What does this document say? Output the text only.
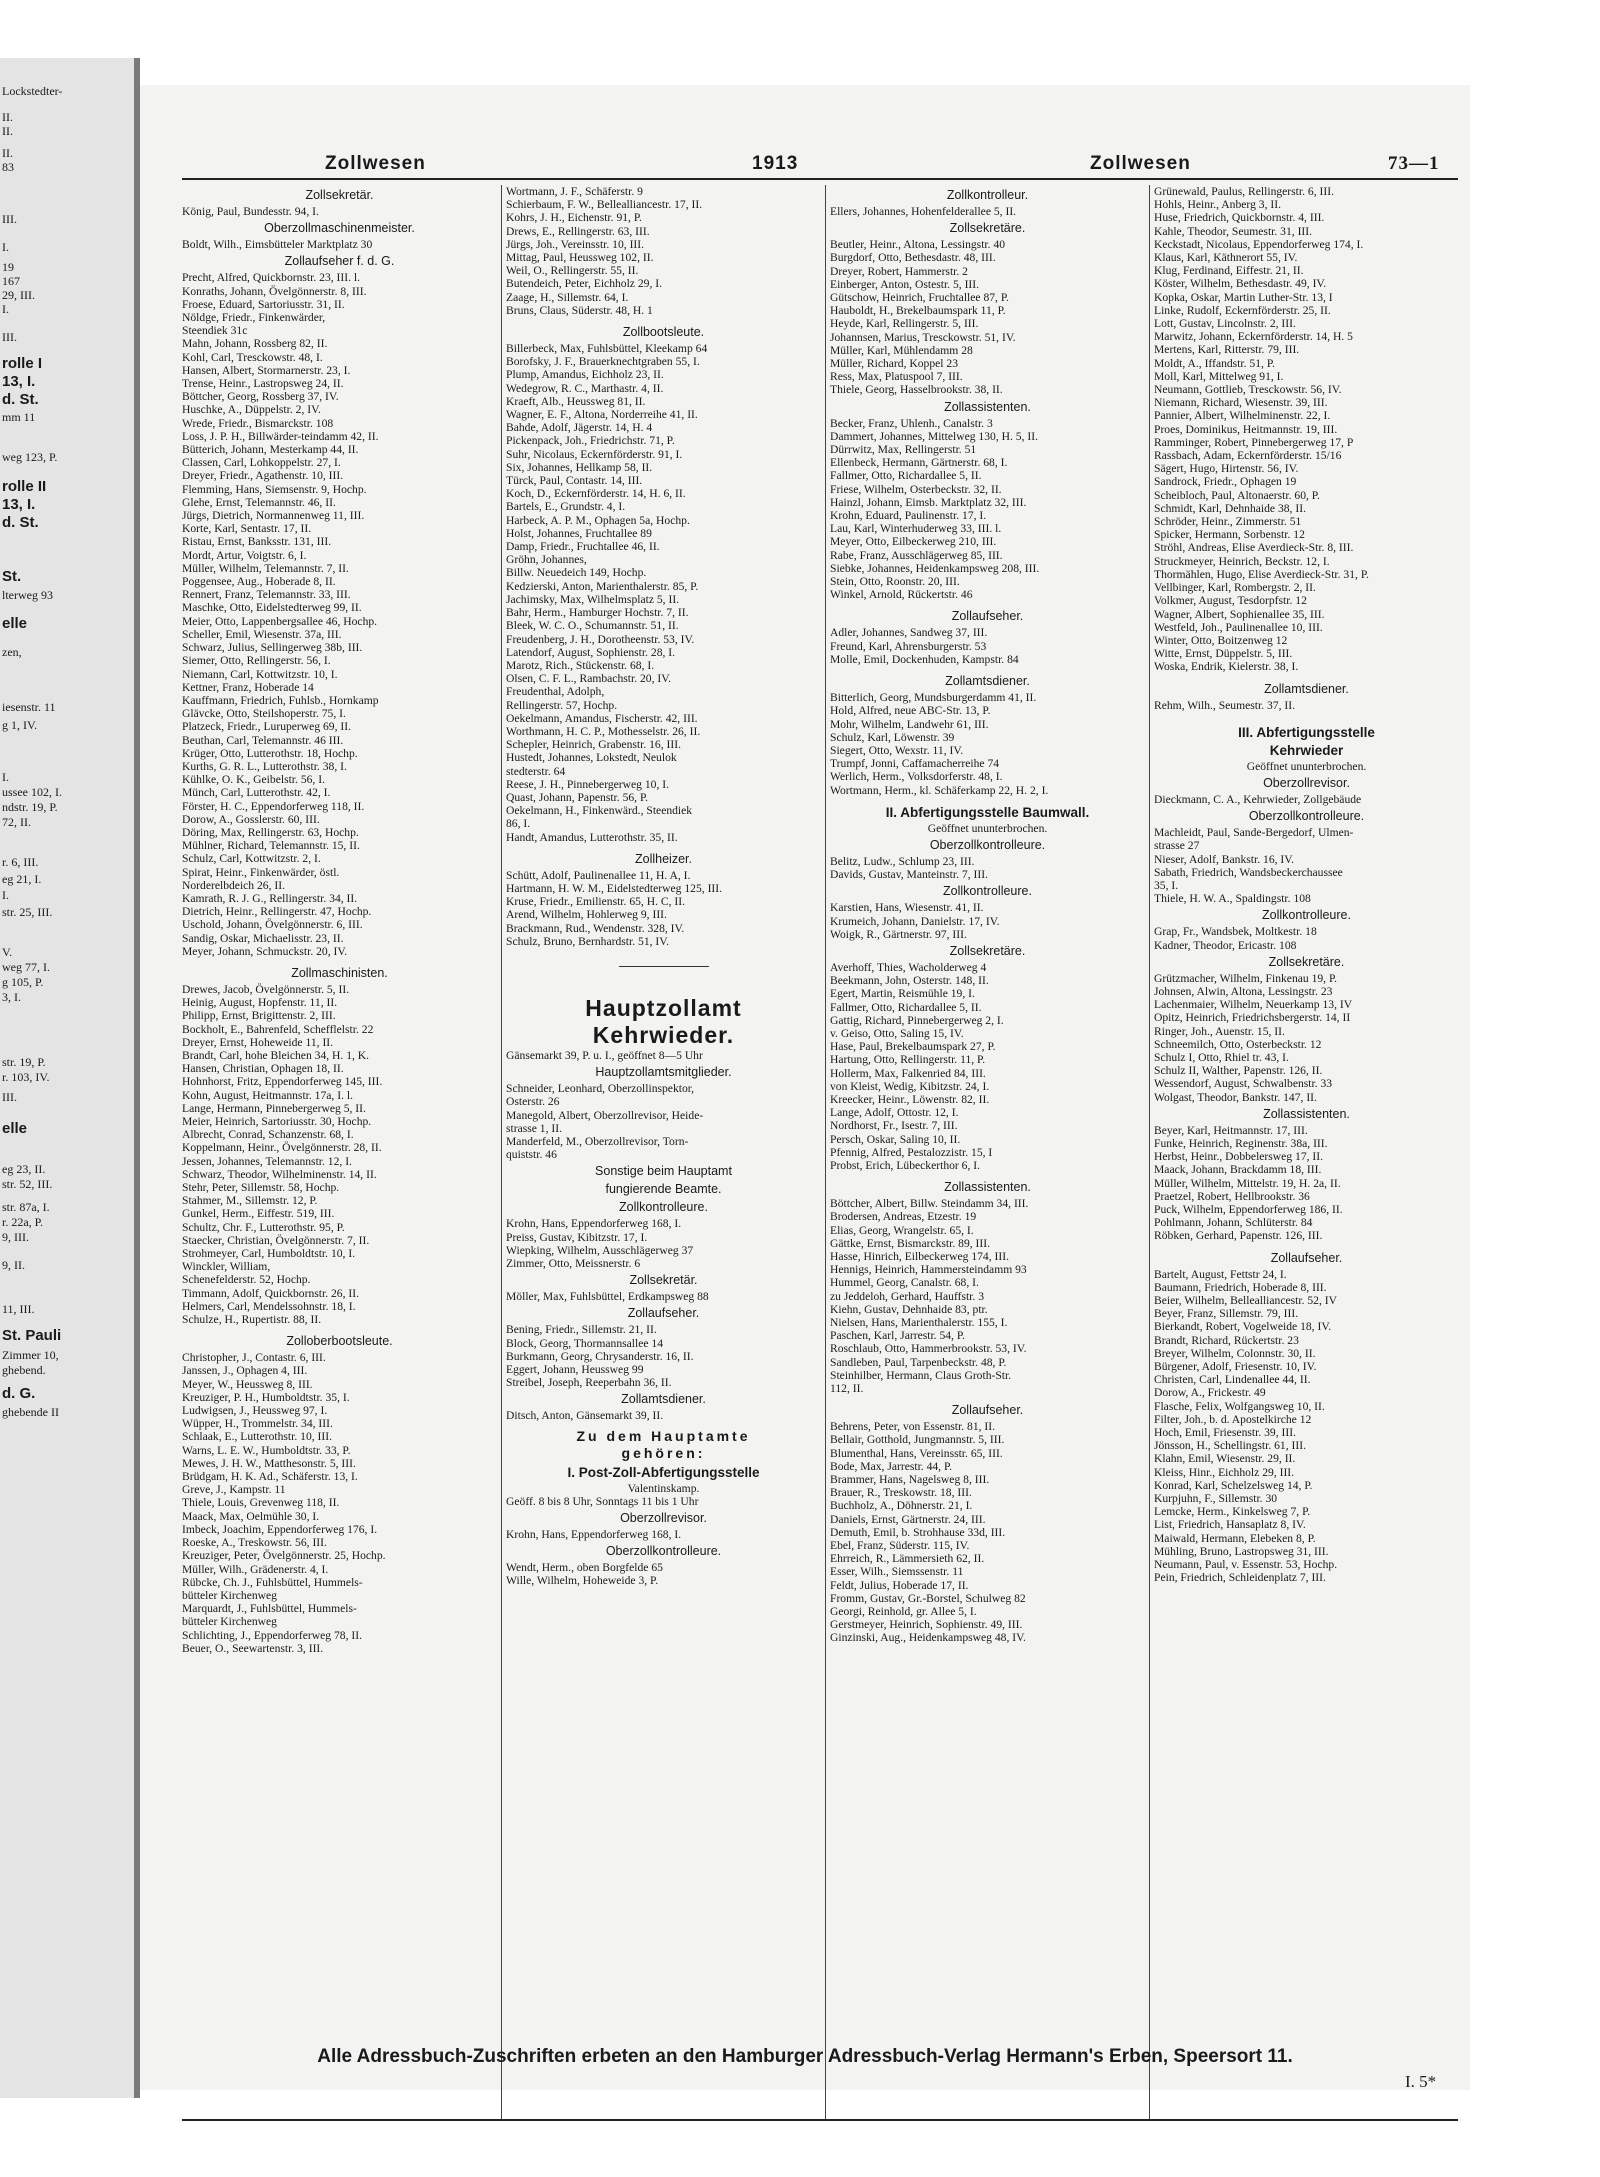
Lockstedter-
II.
II.
II.
83
III.
I.
19
167
29, III.
I.
III.
rolle I
13, I.
d. St.
mm 11
weg 123, P.
rolle II
13, I.
d. St.
St.
lterweg 93
elle
zen,
iesenstr. 11
g 1, IV.
I.
ussee 102, I.
ndstr. 19, P.
72, II.
r. 6, III.
eg 21, I.
I.
str. 25, III.
V.
weg 77, I.
g 105, P.
3, I.
str. 19, P.
r. 103, IV.
III.
elle
eg 23, II.
str. 52, III.
str. 87a, I.
r. 22a, P.
9, III.
9, II.
11, III.
St. Pauli
Zimmer 10,
ghebend.
d. G.
ghebende II
Zollwesen	1913	Zollwesen	73—1
Zollsekretär.
König, Paul, Bundesstr. 94, I.
Oberzollmaschinenmeister.
Boldt, Wilh., Eimsbütteler Marktplatz 30
Zollaufseher f. d. G.
Precht, Alfred, Quickbornstr. 23, III. l.
Konraths, Johann, Övelgönnerstr. 8, III.
Froese, Eduard, Sartoriusstr. 31, II.
Nöldge, Friedr., Finkenwärder,
Steendiek 31c
Mahn, Johann, Rossberg 82, II.
Kohl, Carl, Tresckowstr. 48, I.
Hansen, Albert, Stormarnerstr. 23, I.
Trense, Heinr., Lastropsweg 24, II.
Böttcher, Georg, Rossberg 37, IV.
Huschke, A., Düppelstr. 2, IV.
Wrede, Friedr., Bismarckstr. 108
Loss, J. P. H., Billwärder-teindamm 42, II.
Bütterich, Johann, Mesterkamp 44, II.
Classen, Carl, Lohkoppelstr. 27, I.
Dreyer, Friedr., Agathenstr. 10, III.
Flemming, Hans, Siemsenstr. 9, Hochp.
Glehe, Ernst, Telemannstr. 46, II.
Jürgs, Dietrich, Normannenweg 11, III.
Korte, Karl, Sentastr. 17, II.
Ristau, Ernst, Banksstr. 131, III.
Mordt, Artur, Voigtstr. 6, I.
Müller, Wilhelm, Telemannstr. 7, II.
Poggensee, Aug., Hoberade 8, II.
Rennert, Franz, Telemannstr. 33, III.
Maschke, Otto, Eidelstedterweg 99, II.
Meier, Otto, Lappenbergsallee 46, Hochp.
Scheller, Emil, Wiesenstr. 37a, III.
Schwarz, Julius, Sellingerweg 38b, III.
Siemer, Otto, Rellingerstr. 56, I.
Niemann, Carl, Kottwitzstr. 10, I.
Kettner, Franz, Hoberade 14
Kauffmann, Friedrich, Fuhlsb., Hornkamp
Glävcke, Otto, Steilshoperstr. 75, I.
Platzeck, Friedr., Luruperweg 69, II.
Beuthan, Carl, Telemannstr. 46 III.
Krüger, Otto, Lutterothstr. 18, Hochp.
Kurths, G. R. L., Lutterothstr. 38, I.
Kühlke, O. K., Geibelstr. 56, I.
Münch, Carl, Lutterothstr. 42, I.
Förster, H. C., Eppendorferweg 118, II.
Dorow, A., Gosslerstr. 60, III.
Döring, Max, Rellingerstr. 63, Hochp.
Mühlner, Richard, Telemannstr. 15, II.
Schulz, Carl, Kottwitzstr. 2, I.
Spirat, Heinr., Finkenwärder, östl.
Norderelbdeich 26, II.
Kamrath, R. J. G., Rellingerstr. 34, II.
Dietrich, Heinr., Rellingerstr. 47, Hochp.
Uschold, Johann, Övelgönnerstr. 6, III.
Sandig, Oskar, Michaelisstr. 23, II.
Meyer, Johann, Schmuckstr. 20, IV.
Zollmaschinisten.
Drewes, Jacob, Övelgönnerstr. 5, II.
Heinig, August, Hopfenstr. 11, II.
Philipp, Ernst, Brigittenstr. 2, III.
Bockholt, E., Bahrenfeld, Schefflelstr. 22
Dreyer, Ernst, Hoheweide 11, II.
Brandt, Carl, hohe Bleichen 34, H. 1, K.
Hansen, Christian, Ophagen 18, II.
Hohnhorst, Fritz, Eppendorferweg 145, III.
Kohn, August, Heitmannstr. 17a, I. l.
Lange, Hermann, Pinnebergerweg 5, II.
Meier, Heinrich, Sartoriusstr. 30, Hochp.
Albrecht, Conrad, Schanzenstr. 68, I.
Koppelmann, Heinr., Övelgönnerstr. 28, II.
Jessen, Johannes, Telemannstr. 12, I.
Schwarz, Theodor, Wilhelminenstr. 14, II.
Stehr, Peter, Sillemstr. 58, Hochp.
Stahmer, M., Sillemstr. 12, P.
Gunkel, Herm., Eiffestr. 519, III.
Schultz, Chr. F., Lutterothstr. 95, P.
Staecker, Christian, Övelgönnerstr. 7, II.
Strohmeyer, Carl, Humboldtstr. 10, I.
Winckler, William,
Schenefelderstr. 52, Hochp.
Timmann, Adolf, Quickbornstr. 26, II.
Helmers, Carl, Mendelssohnstr. 18, I.
Schulze, H., Rupertistr. 88, II.
Zolloberbootsleute.
Christopher, J., Contastr. 6, III.
Janssen, J., Ophagen 4, III.
Meyer, W., Heussweg 8, III.
Kreuziger, P. H., Humboldtstr. 35, I.
Ludwigsen, J., Heussweg 97, I.
Wüpper, H., Trommelstr. 34, III.
Schlaak, E., Lutterothstr. 10, III.
Warns, L. E. W., Humboldtstr. 33, P.
Mewes, J. H. W., Matthesonstr. 5, III.
Brüdgam, H. K. Ad., Schäferstr. 13, I.
Greve, J., Kampstr. 11
Thiele, Louis, Grevenweg 118, II.
Maack, Max, Oelmühle 30, I.
Imbeck, Joachim, Eppendorferweg 176, I.
Roeske, A., Treskowstr. 56, III.
Kreuziger, Peter, Övelgönnerstr. 25, Hochp.
Müller, Wilh., Grädenerstr. 4, I.
Rübcke, Ch. J., Fuhlsbüttel, Hummels-
bütteler Kirchenweg
Marquardt, J., Fuhlsbüttel, Hummels-
bütteler Kirchenweg
Schlichting, J., Eppendorferweg 78, II.
Beuer, O., Seewartenstr. 3, III.
Wortmann, J. F., Schäferstr. 9
Schierbaum, F. W., Bellealliancestr. 17, II.
Kohrs, J. H., Eichenstr. 91, P.
Drews, E., Rellingerstr. 63, III.
Jürgs, Joh., Vereinsstr. 10, III.
Mittag, Paul, Heussweg 102, II.
Weil, O., Rellingerstr. 55, II.
Butendeich, Peter, Eichholz 29, I.
Zaage, H., Sillemstr. 64, I.
Bruns, Claus, Süderstr. 48, H. 1
Zollbootsleute.
Billerbeck, Max, Fuhlsbüttel, Kleekamp 64
Borofsky, J. F., Brauerknechtgraben 55, I.
Plump, Amandus, Eichholz 23, II.
Wedegrow, R. C., Marthastr. 4, II.
Kraeft, Alb., Heussweg 81, II.
Wagner, E. F., Altona, Norderreihe 41, II.
Bahde, Adolf, Jägerstr. 14, H. 4
Pickenpack, Joh., Friedrichstr. 71, P.
Suhr, Nicolaus, Eckernförderstr. 91, I.
Six, Johannes, Hellkamp 58, II.
Türck, Paul, Contastr. 14, III.
Koch, D., Eckernförderstr. 14, H. 6, II.
Bartels, E., Grundstr. 4, I.
Harbeck, A. P. M., Ophagen 5a, Hochp.
Holst, Johannes, Fruchtallee 89
Damp, Friedr., Fruchtallee 46, II.
Gröhn, Johannes,
Billw. Neuedeich 149, Hochp.
Kedzierski, Anton, Marienthalerstr. 85, P.
Jachimsky, Max, Wilhelmsplatz 5, II.
Bahr, Herm., Hamburger Hochstr. 7, II.
Bleek, W. C. O., Schumannstr. 51, II.
Freudenberg, J. H., Dorotheenstr. 53, IV.
Latendorf, August, Sophienstr. 28, I.
Marotz, Rich., Stückenstr. 68, I.
Olsen, C. F. L., Rambachstr. 20, IV.
Freudenthal, Adolph,
Rellingerstr. 57, Hochp.
Oekelmann, Amandus, Fischerstr. 42, III.
Worthmann, H. C. P., Mothesselstr. 26, II.
Schepler, Heinrich, Grabenstr. 16, III.
Hustedt, Johannes, Lokstedt, Neulok
stedterstr. 64
Reese, J. H., Pinnebergerweg 10, I.
Quast, Johann, Papenstr. 56, P.
Oekelmann, H., Finkenwärd., Steendiek
86, I.
Handt, Amandus, Lutterothstr. 35, II.
Zollheizer.
Schütt, Adolf, Paulinenallee 11, H. A, I.
Hartmann, H. W. M., Eidelstedterweg 125, III.
Kruse, Friedr., Emilienstr. 65, H. C, II.
Arend, Wilhelm, Hohlerweg 9, III.
Brackmann, Rud., Wendenstr. 328, IV.
Schulz, Bruno, Bernhardstr. 51, IV.
Hauptzollamt
Kehrwieder.
Gänsemarkt 39, P. u. I., geöffnet 8—5 Uhr
Hauptzollamtsmitglieder.
Schneider, Leonhard, Oberzollinspektor,
Osterstr. 26
Manegold, Albert, Oberzollrevisor, Heide-
strasse 1, II.
Manderfeld, M., Oberzollrevisor, Torn-
quiststr. 46
Sonstige beim Hauptamt
fungierende Beamte.
Zollkontrolleure.
Krohn, Hans, Eppendorferweg 168, I.
Preiss, Gustav, Kibitzstr. 17, I.
Wiepking, Wilhelm, Ausschlägerweg 37
Zimmer, Otto, Meissnerstr. 6
Zollsekretär.
Möller, Max, Fuhlsbüttel, Erdkampsweg 88
Zollaufseher.
Bening, Friedr., Sillemstr. 21, II.
Block, Georg, Thormannsallee 14
Burkmann, Georg, Chrysanderstr. 16, II.
Eggert, Johann, Heussweg 99
Streibel, Joseph, Reeperbahn 36, II.
Zollamtsdiener.
Ditsch, Anton, Gänsemarkt 39, II.
Zu dem Hauptamte
gehören:
I. Post-Zoll-Abfertigungsstelle
Valentinskamp.
Geöff. 8 bis 8 Uhr, Sonntags 11 bis 1 Uhr
Oberzollrevisor.
Krohn, Hans, Eppendorferweg 168, I.
Oberzollkontrolleure.
Wendt, Herm., oben Borgfelde 65
Wille, Wilhelm, Hoheweide 3, P.
Zollkontrolleur.
Ellers, Johannes, Hohenfelderallee 5, II.
Zollsekretäre.
Beutler, Heinr., Altona, Lessingstr. 40
Burgdorf, Otto, Bethesdastr. 48, III.
Dreyer, Robert, Hammerstr. 2
Einberger, Anton, Ostestr. 5, III.
Gütschow, Heinrich, Fruchtallee 87, P.
Hauboldt, H., Brekelbaumspark 11, P.
Heyde, Karl, Rellingerstr. 5, III.
Johannsen, Marius, Tresckowstr. 51, IV.
Müller, Karl, Mühlendamm 28
Müller, Richard, Koppel 23
Ress, Max, Platuspool 7, III.
Thiele, Georg, Hasselbrookstr. 38, II.
Zollassistenten.
Becker, Franz, Uhlenh., Canalstr. 3
Dammert, Johannes, Mittelweg 130, H. 5, II.
Dürrwitz, Max, Rellingerstr. 51
Ellenbeck, Hermann, Gärtnerstr. 68, I.
Fallmer, Otto, Richardallee 5, II.
Friese, Wilhelm, Osterbeckstr. 32, II.
Hainzl, Johann, Eimsb. Marktplatz 32, III.
Krohn, Eduard, Paulinenstr. 17, I.
Lau, Karl, Winterhuderweg 33, III. l.
Meyer, Otto, Eilbeckerweg 210, III.
Rabe, Franz, Ausschlägerweg 85, III.
Siebke, Johannes, Heidenkampsweg 208, III.
Stein, Otto, Roonstr. 20, III.
Winkel, Arnold, Rückertstr. 46
Zollaufseher.
Adler, Johannes, Sandweg 37, III.
Freund, Karl, Ahrensburgerstr. 53
Molle, Emil, Dockenhuden, Kampstr. 84
Zollamtsdiener.
Bitterlich, Georg, Mundsburgerdamm 41, II.
Hold, Alfred, neue ABC-Str. 13, P.
Mohr, Wilhelm, Landwehr 61, III.
Schulz, Karl, Löwenstr. 39
Siegert, Otto, Wexstr. 11, IV.
Trumpf, Jonni, Caffamacherreihe 74
Werlich, Herm., Volksdorferstr. 48, I.
Wortmann, Herm., kl. Schäferkamp 22, H. 2, I.
II. Abfertigungsstelle Baumwall.
Geöffnet ununterbrochen.
Oberzollkontrolleure.
Belitz, Ludw., Schlump 23, III.
Davids, Gustav, Manteinstr. 7, III.
Zollkontrolleure.
Karstien, Hans, Wiesenstr. 41, II.
Krumeich, Johann, Danielstr. 17, IV.
Woigk, R., Gärtnerstr. 97, III.
Zollsekretäre.
Averhoff, Thies, Wacholderweg 4
Beekmann, John, Osterstr. 148, II.
Egert, Martin, Reismühle 19, I.
Fallmer, Otto, Richardallee 5, II.
Gattig, Richard, Pinnebergerweg 2, I.
v. Geiso, Otto, Saling 15, IV.
Hase, Paul, Brekelbaumspark 27, P.
Hartung, Otto, Rellingerstr. 11, P.
Hollerm, Max, Falkenried 84, III.
von Kleist, Wedig, Kibitzstr. 24, I.
Kreecker, Heinr., Löwenstr. 82, II.
Lange, Adolf, Ottostr. 12, I.
Nordhorst, Fr., Isestr. 7, III.
Persch, Oskar, Saling 10, II.
Pfennig, Alfred, Pestalozzistr. 15, I
Probst, Erich, Lübeckerthor 6, I.
Zollassistenten.
Böttcher, Albert, Billw. Steindamm 34, III.
Brodersen, Andreas, Etzestr. 19
Elias, Georg, Wrangelstr. 65, I.
Gättke, Ernst, Bismarckstr. 89, III.
Hasse, Hinrich, Eilbeckerweg 174, III.
Hennigs, Heinrich, Hammersteindamm 93
Hummel, Georg, Canalstr. 68, I.
zu Jeddeloh, Gerhard, Hauffstr. 3
Kiehn, Gustav, Dehnhaide 83, ptr.
Nielsen, Hans, Marienthalerstr. 155, I.
Paschen, Karl, Jarrestr. 54, P.
Roschlaub, Otto, Hammerbrookstr. 53, IV.
Sandleben, Paul, Tarpenbeckstr. 48, P.
Steinhilber, Hermann, Claus Groth-Str.
112, II.
Zollaufseher.
Behrens, Peter, von Essenstr. 81, II.
Bellair, Gotthold, Jungmannstr. 5, III.
Blumenthal, Hans, Vereinsstr. 65, III.
Bode, Max, Jarrestr. 44, P.
Brammer, Hans, Nagelsweg 8, III.
Brauer, R., Treskowstr. 18, III.
Buchholz, A., Döhnerstr. 21, I.
Daniels, Ernst, Gärtnerstr. 24, III.
Demuth, Emil, b. Strohhause 33d, III.
Ebel, Franz, Süderstr. 115, IV.
Ehrreich, R., Lämmersieth 62, II.
Esser, Wilh., Siemssenstr. 11
Feldt, Julius, Hoberade 17, II.
Fromm, Gustav, Gr.-Borstel, Schulweg 82
Georgi, Reinhold, gr. Allee 5, I.
Gerstmeyer, Heinrich, Sophienstr. 49, III.
Ginzinski, Aug., Heidenkampsweg 48, IV.
Grünewald, Paulus, Rellingerstr. 6, III.
Hohls, Heinr., Anberg 3, II.
Huse, Friedrich, Quickbornstr. 4, III.
Kahle, Theodor, Seumestr. 31, III.
Keckstadt, Nicolaus, Eppendorferweg 174, I.
Klaus, Karl, Käthnerort 55, IV.
Klug, Ferdinand, Eiffestr. 21, II.
Köster, Wilhelm, Bethesdastr. 49, IV.
Kopka, Oskar, Martin Luther-Str. 13, I
Linke, Rudolf, Eckernförderstr. 25, II.
Lott, Gustav, Lincolnstr. 2, III.
Marwitz, Johann, Eckernförderstr. 14, H. 5
Mertens, Karl, Ritterstr. 79, III.
Moldt, A., Iffandstr. 51, P.
Moll, Karl, Mittelweg 91, I.
Neumann, Gottlieb, Tresckowstr. 56, IV.
Niemann, Richard, Wiesenstr. 39, III.
Pannier, Albert, Wilhelminenstr. 22, I.
Proes, Dominikus, Heitmannstr. 19, III.
Ramminger, Robert, Pinnebergerweg 17, P
Rassbach, Adam, Eckernförderstr. 15/16
Sägert, Hugo, Hirtenstr. 56, IV.
Sandrock, Friedr., Ophagen 19
Scheibloch, Paul, Altonaerstr. 60, P.
Schmidt, Karl, Dehnhaide 38, II.
Schröder, Heinr., Zimmerstr. 51
Spicker, Hermann, Sorbenstr. 12
Ströhl, Andreas, Elise Averdieck-Str. 8, III.
Struckmeyer, Heinrich, Beckstr. 12, I.
Thormählen, Hugo, Elise Averdieck-Str. 31, P.
Vellbinger, Karl, Rombergstr. 2, II.
Volkmer, August, Tesdorpfstr. 12
Wagner, Albert, Sophienallee 35, III.
Westfeld, Joh., Paulinenallee 10, III.
Winter, Otto, Boitzenweg 12
Witte, Ernst, Düppelstr. 5, III.
Woska, Endrik, Kielerstr. 38, I.
Zollamtsdiener.
Rehm, Wilh., Seumestr. 37, II.
III. Abfertigungsstelle
Kehrwieder
Geöffnet ununterbrochen.
Oberzollrevisor.
Dieckmann, C. A., Kehrwieder, Zollgebäude
Oberzollkontrolleure.
Machleidt, Paul, Sande-Bergedorf, Ulmen-
strasse 27
Nieser, Adolf, Bankstr. 16, IV.
Sabath, Friedrich, Wandsbeckerchaussee
35, I.
Thiele, H. W. A., Spaldingstr. 108
Zollkontrolleure.
Grap, Fr., Wandsbek, Moltkestr. 18
Kadner, Theodor, Ericastr. 108
Zollsekretäre.
Grützmacher, Wilhelm, Finkenau 19, P.
Johnsen, Alwin, Altona, Lessingstr. 23
Lachenmaier, Wilhelm, Neuerkamp 13, IV
Opitz, Heinrich, Friedrichsbergerstr. 14, II
Ringer, Joh., Auenstr. 15, II.
Schneemilch, Otto, Osterbeckstr. 12
Schulz I, Otto, Rhiel tr. 43, I.
Schulz II, Walther, Papenstr. 126, II.
Wessendorf, August, Schwalbenstr. 33
Wolgast, Theodor, Bankstr. 147, II.
Zollassistenten.
Beyer, Karl, Heitmannstr. 17, III.
Funke, Heinrich, Reginenstr. 38a, III.
Herbst, Heinr., Dobbelersweg 17, II.
Maack, Johann, Brackdamm 18, III.
Müller, Wilhelm, Mittelstr. 19, H. 2a, II.
Praetzel, Robert, Hellbrookstr. 36
Puck, Wilhelm, Eppendorferweg 186, II.
Pohlmann, Johann, Schlüterstr. 84
Röbken, Gerhard, Papenstr. 126, III.
Zollaufseher.
Bartelt, August, Fettstr 24, I.
Baumann, Friedrich, Hoberade 8, III.
Beier, Wilhelm, Bellealliancestr. 52, IV
Beyer, Franz, Sillemstr. 79, III.
Bierkandt, Robert, Vogelweide 18, IV.
Brandt, Richard, Rückertstr. 23
Breyer, Wilhelm, Colonnstr. 30, II.
Bürgener, Adolf, Friesenstr. 10, IV.
Christen, Carl, Lindenallee 44, II.
Dorow, A., Frickestr. 49
Flasche, Felix, Wolfgangsweg 10, II.
Filter, Joh., b. d. Apostelkirche 12
Hoch, Emil, Friesenstr. 39, III.
Jönsson, H., Schellingstr. 61, III.
Klahn, Emil, Wiesenstr. 29, II.
Kleiss, Hinr., Eichholz 29, III.
Konrad, Karl, Schelzelsweg 14, P.
Kurpjuhn, F., Sillemstr. 30
Lemcke, Herm., Kinkelsweg 7, P.
List, Friedrich, Hansaplatz 8, IV.
Maiwald, Hermann, Elebeken 8, P.
Mühling, Bruno, Lastropsweg 31, III.
Neumann, Paul, v. Essenstr. 53, Hochp.
Pein, Friedrich, Schleidenplatz 7, III.
Alle Adressbuch-Zuschriften erbeten an den Hamburger Adressbuch-Verlag Hermann's Erben, Speersort 11.
I. 5*
